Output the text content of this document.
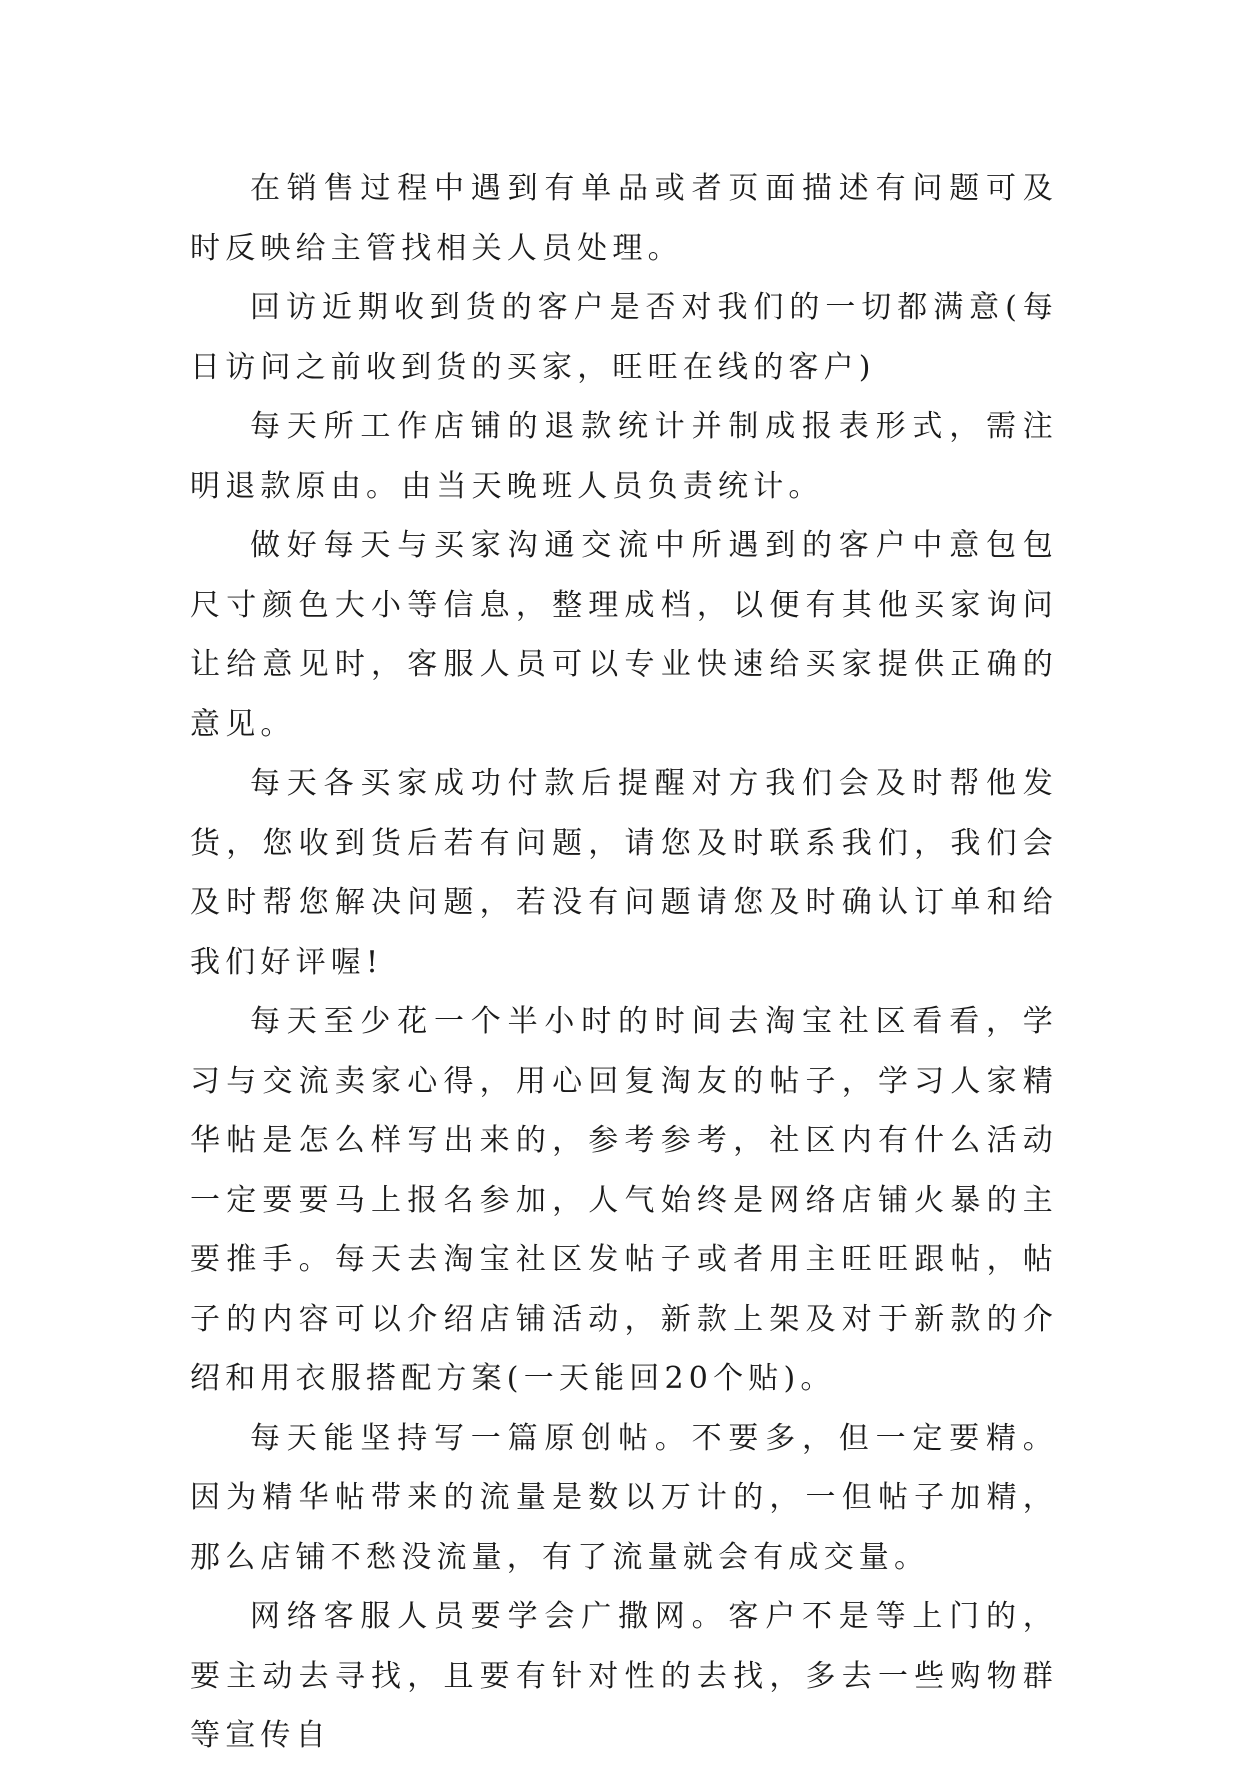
在销售过程中遇到有单品或者页面描述有问题可及时反映给主管找相关人员处理。

回访近期收到货的客户是否对我们的一切都满意(每日访问之前收到货的买家，旺旺在线的客户)

每天所工作店铺的退款统计并制成报表形式，需注明退款原由。由当天晚班人员负责统计。

做好每天与买家沟通交流中所遇到的客户中意包包尺寸颜色大小等信息，整理成档，以便有其他买家询问让给意见时，客服人员可以专业快速给买家提供正确的意见。

每天各买家成功付款后提醒对方我们会及时帮他发货，您收到货后若有问题，请您及时联系我们，我们会及时帮您解决问题，若没有问题请您及时确认订单和给我们好评喔!

每天至少花一个半小时的时间去淘宝社区看看，学习与交流卖家心得，用心回复淘友的帖子，学习人家精华帖是怎么样写出来的，参考参考，社区内有什么活动一定要要马上报名参加，人气始终是网络店铺火暴的主要推手。每天去淘宝社区发帖子或者用主旺旺跟帖，帖子的内容可以介绍店铺活动，新款上架及对于新款的介绍和用衣服搭配方案(一天能回20个贴)。

每天能坚持写一篇原创帖。不要多，但一定要精。因为精华帖带来的流量是数以万计的，一但帖子加精，那么店铺不愁没流量，有了流量就会有成交量。

网络客服人员要学会广撒网。客户不是等上门的，要主动去寻找，且要有针对性的去找，多去一些购物群等宣传自
